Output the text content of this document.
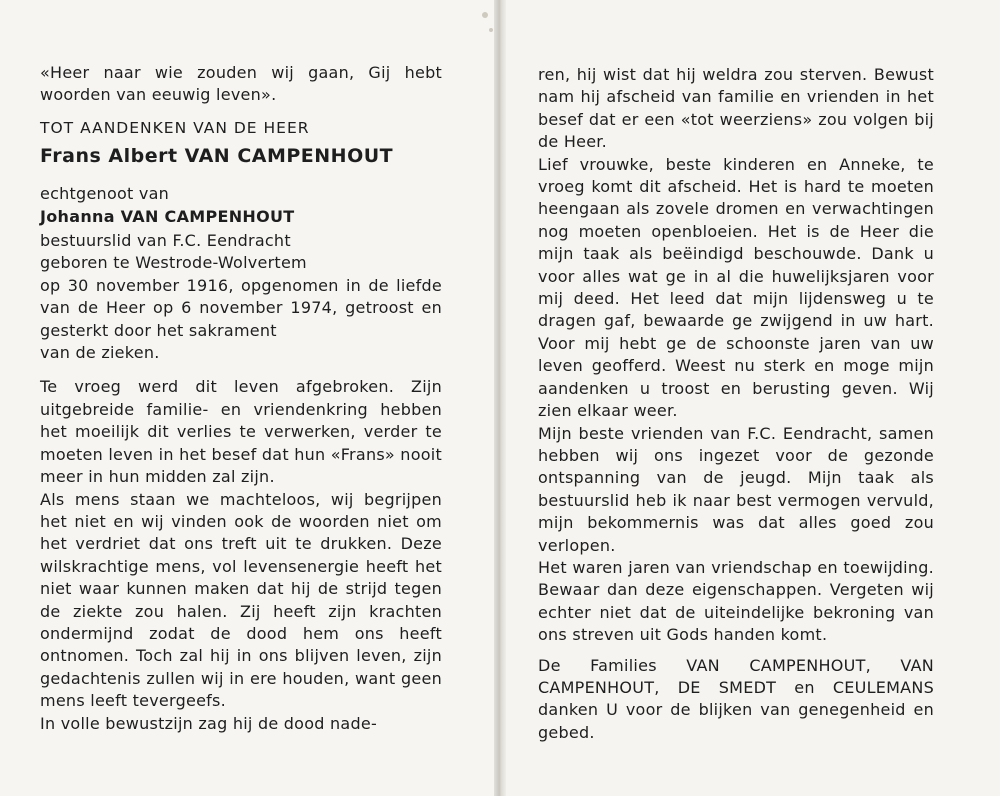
«Heer naar wie zouden wij gaan, Gij hebt woorden van eeuwig leven».

TOT AANDENKEN VAN DE HEER

Frans Albert VAN CAMPENHOUT

echtgenoot van

Johanna VAN CAMPENHOUT

bestuurslid van F.C. Eendracht

geboren te Westrode-Wolvertem

op 30 november 1916, opgenomen in de liefde van de Heer op 6 november 1974, getroost en gesterkt door het sakrament

van de zieken.

Te vroeg werd dit leven afgebroken. Zijn uitgebreide familie- en vriendenkring hebben het moeilijk dit verlies te verwerken, verder te moeten leven in het besef dat hun «Frans» nooit meer in hun midden zal zijn.

Als mens staan we machteloos, wij begrijpen het niet en wij vinden ook de woorden niet om het verdriet dat ons treft uit te drukken. Deze wilskrachtige mens, vol levensenergie heeft het niet waar kunnen maken dat hij de strijd tegen de ziekte zou halen. Zij heeft zijn krachten ondermijnd zodat de dood hem ons heeft ontnomen. Toch zal hij in ons blijven leven, zijn gedachtenis zullen wij in ere houden, want geen mens leeft tevergeefs.

In volle bewustzijn zag hij de dood nade-

ren, hij wist dat hij weldra zou sterven. Bewust nam hij afscheid van familie en vrienden in het besef dat er een «tot weerziens» zou volgen bij de Heer.

Lief vrouwke, beste kinderen en Anneke, te vroeg komt dit afscheid. Het is hard te moeten heengaan als zovele dromen en verwachtingen nog moeten openbloeien. Het is de Heer die mijn taak als beëindigd beschouwde. Dank u voor alles wat ge in al die huwelijksjaren voor mij deed. Het leed dat mijn lijdensweg u te dragen gaf, bewaarde ge zwijgend in uw hart. Voor mij hebt ge de schoonste jaren van uw leven geofferd. Weest nu sterk en moge mijn aandenken u troost en berusting geven. Wij zien elkaar weer.

Mijn beste vrienden van F.C. Eendracht, samen hebben wij ons ingezet voor de gezonde ontspanning van de jeugd. Mijn taak als bestuurslid heb ik naar best vermogen vervuld, mijn bekommernis was dat alles goed zou verlopen.

Het waren jaren van vriendschap en toewijding. Bewaar dan deze eigenschappen. Vergeten wij echter niet dat de uiteindelijke bekroning van ons streven uit Gods handen komt.

De Families VAN CAMPENHOUT, VAN CAMPENHOUT, DE SMEDT en CEULEMANS danken U voor de blijken van genegenheid en gebed.
